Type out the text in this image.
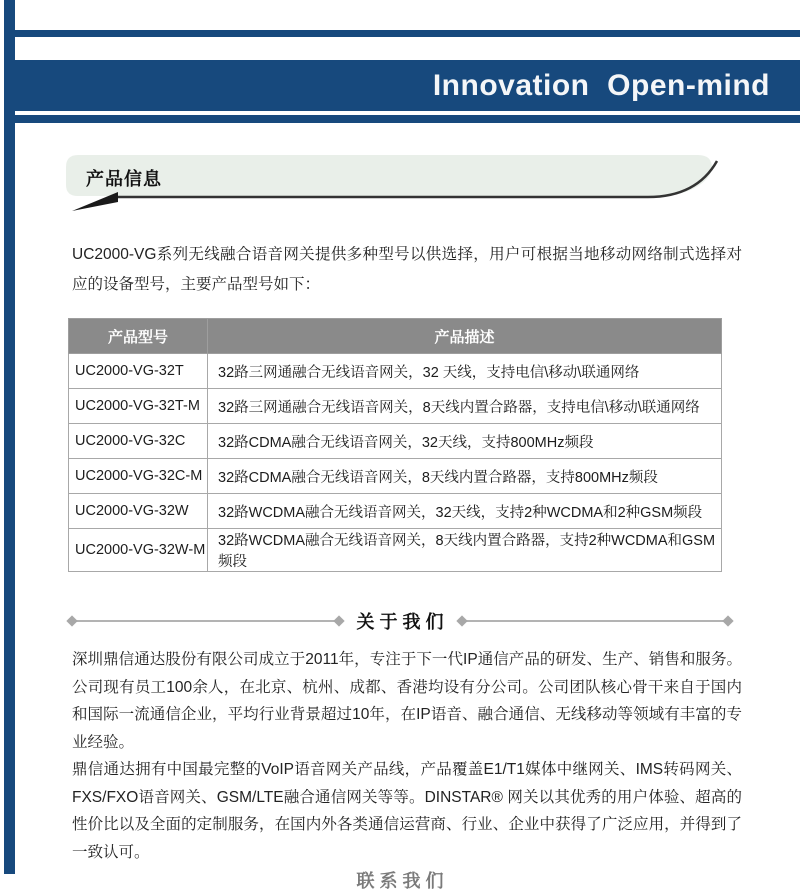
Innovation  Open-mind
产品信息
UC2000-VG系列无线融合语音网关提供多种型号以供选择，用户可根据当地移动网络制式选择对应的设备型号，主要产品型号如下：
产品型号	产品描述
UC2000-VG-32T	32路三网通融合无线语音网关，32 天线，支持电信\移动\联通网络
UC2000-VG-32T-M	32路三网通融合无线语音网关，8天线内置合路器，支持电信\移动\联通网络
UC2000-VG-32C	32路CDMA融合无线语音网关，32天线，支持800MHz频段
UC2000-VG-32C-M	32路CDMA融合无线语音网关，8天线内置合路器，支持800MHz频段
UC2000-VG-32W	32路WCDMA融合无线语音网关，32天线，支持2种WCDMA和2种GSM频段
UC2000-VG-32W-M	32路WCDMA融合无线语音网关，8天线内置合路器，支持2种WCDMA和GSM频段
关 于 我 们

深圳鼎信通达股份有限公司成立于2011年，专注于下一代IP通信产品的研发、生产、销售和服务。公司现有员工100余人，在北京、杭州、成都、香港均设有分公司。公司团队核心骨干来自于国内和国际一流通信企业，平均行业背景超过10年，在IP语音、融合通信、无线移动等领域有丰富的专业经验。

鼎信通达拥有中国最完整的VoIP语音网关产品线，产品覆盖E1/T1媒体中继网关、IMS转码网关、FXS/FXO语音网关、GSM/LTE融合通信网关等等。DINSTAR® 网关以其优秀的用户体验、超高的性价比以及全面的定制服务，在国内外各类通信运营商、行业、企业中获得了广泛应用，并得到了一致认可。

联 系 我 们
